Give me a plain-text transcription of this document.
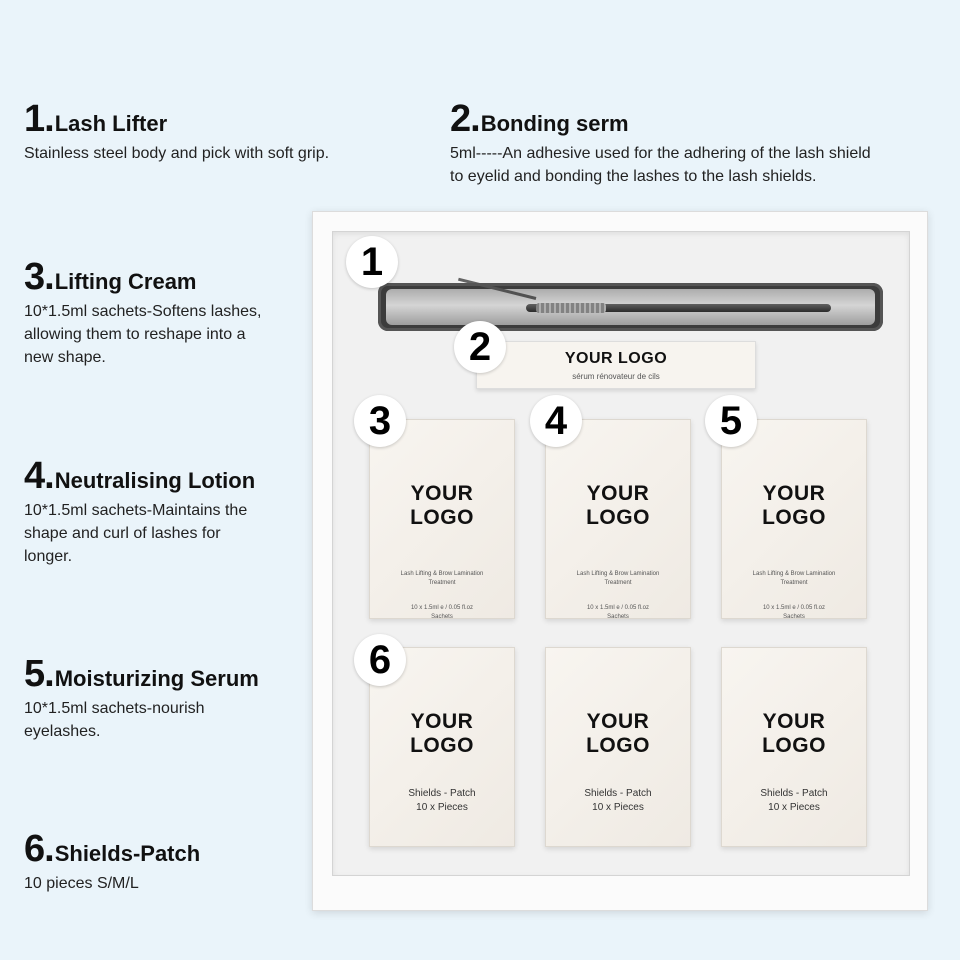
1. Lash Lifter
Stainless steel body and pick with soft grip.
2. Bonding serm
5ml-----An adhesive used for the adhering of the lash shield
to eyelid and bonding the lashes to the lash shields.
3. Lifting Cream
10*1.5ml sachets-Softens lashes,
allowing them to reshape into a
new shape.
4. Neutralising Lotion
10*1.5ml sachets-Maintains the
shape and curl of lashes for
longer.
5. Moisturizing Serum
10*1.5ml sachets-nourish
eyelashes.
6. Shields-Patch
10 pieces S/M/L
YOUR LOGO
sérum rénovateur de cils
YOUR
LOGO
Lash Lifting & Brow Lamination Treatment
10 x 1.5ml e / 0.05 fl.oz
Sachets
YOUR
LOGO
Lash Lifting & Brow Lamination Treatment
10 x 1.5ml e / 0.05 fl.oz
Sachets
YOUR
LOGO
Lash Lifting & Brow Lamination Treatment
10 x 1.5ml e / 0.05 fl.oz
Sachets
YOUR
LOGO
Shields - Patch
10 x Pieces
YOUR
LOGO
Shields - Patch
10 x Pieces
YOUR
LOGO
Shields - Patch
10 x Pieces
1
2
3	4	5
6
